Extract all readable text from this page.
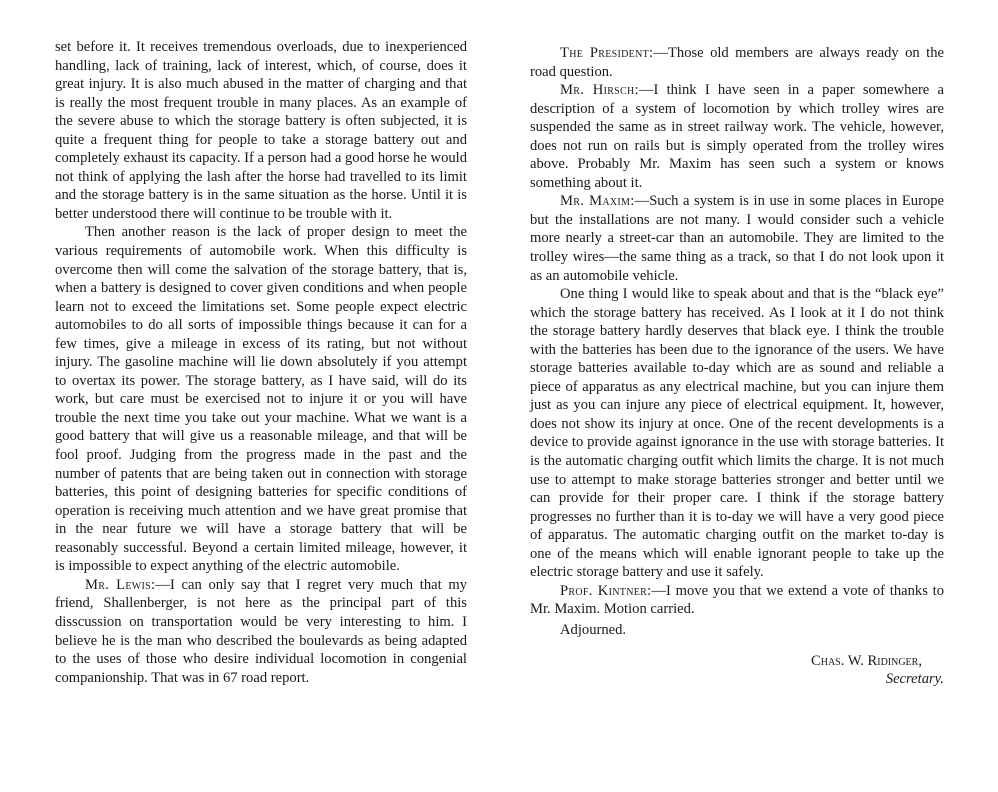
set before it. It receives tremendous overloads, due to inexperienced handling, lack of training, lack of interest, which, of course, does it great injury. It is also much abused in the matter of charging and that is really the most frequent trouble in many places. As an example of the severe abuse to which the storage battery is often subjected, it is quite a frequent thing for people to take a storage battery out and completely exhaust its capacity. If a person had a good horse he would not think of applying the lash after the horse had travelled to its limit and the storage battery is in the same situation as the horse. Until it is better understood there will continue to be trouble with it.

Then another reason is the lack of proper design to meet the various requirements of automobile work. When this difficulty is overcome then will come the salvation of the storage battery, that is, when a battery is designed to cover given conditions and when people learn not to exceed the limitations set. Some people expect electric automobiles to do all sorts of impossible things because it can for a few times, give a mileage in excess of its rating, but not without injury. The gasoline machine will lie down absolutely if you attempt to overtax its power. The storage battery, as I have said, will do its work, but care must be exercised not to injure it or you will have trouble the next time you take out your machine. What we want is a good battery that will give us a reasonable mileage, and that will be fool proof. Judging from the progress made in the past and the number of patents that are being taken out in connection with storage batteries, this point of designing batteries for specific conditions of operation is receiving much attention and we have great promise that in the near future we will have a storage battery that will be reasonably successful. Beyond a certain limited mileage, however, it is impossible to expect anything of the electric automobile.

Mr. Lewis:—I can only say that I regret very much that my friend, Shallenberger, is not here as the principal part of this disscussion on transportation would be very interesting to him. I believe he is the man who described the boulevards as being adapted to the uses of those who desire individual locomotion in congenial companionship. That was in 67 road report.

The President:—Those old members are always ready on the road question.

Mr. Hirsch:—I think I have seen in a paper somewhere a description of a system of locomotion by which trolley wires are suspended the same as in street railway work. The vehicle, however, does not run on rails but is simply operated from the trolley wires above. Probably Mr. Maxim has seen such a system or knows something about it.

Mr. Maxim:—Such a system is in use in some places in Europe but the installations are not many. I would consider such a vehicle more nearly a street-car than an automobile. They are limited to the trolley wires—the same thing as a track, so that I do not look upon it as an automobile vehicle.

One thing I would like to speak about and that is the “black eye” which the storage battery has received. As I look at it I do not think the storage battery hardly deserves that black eye. I think the trouble with the batteries has been due to the ignorance of the users. We have storage batteries available to-day which are as sound and reliable a piece of apparatus as any electrical machine, but you can injure them just as you can injure any piece of electrical equipment. It, however, does not show its injury at once. One of the recent developments is a device to provide against ignorance in the use with storage batteries. It is the automatic charging outfit which limits the charge. It is not much use to attempt to make storage batteries stronger and better until we can provide for their proper care. I think if the storage battery progresses no further than it is to-day we will have a very good piece of apparatus. The automatic charging outfit on the market to-day is one of the means which will enable ignorant people to take up the electric storage battery and use it safely.

Prof. Kintner:—I move you that we extend a vote of thanks to Mr. Maxim. Motion carried.

Adjourned.
Chas. W. Ridinger,
Secretary.
